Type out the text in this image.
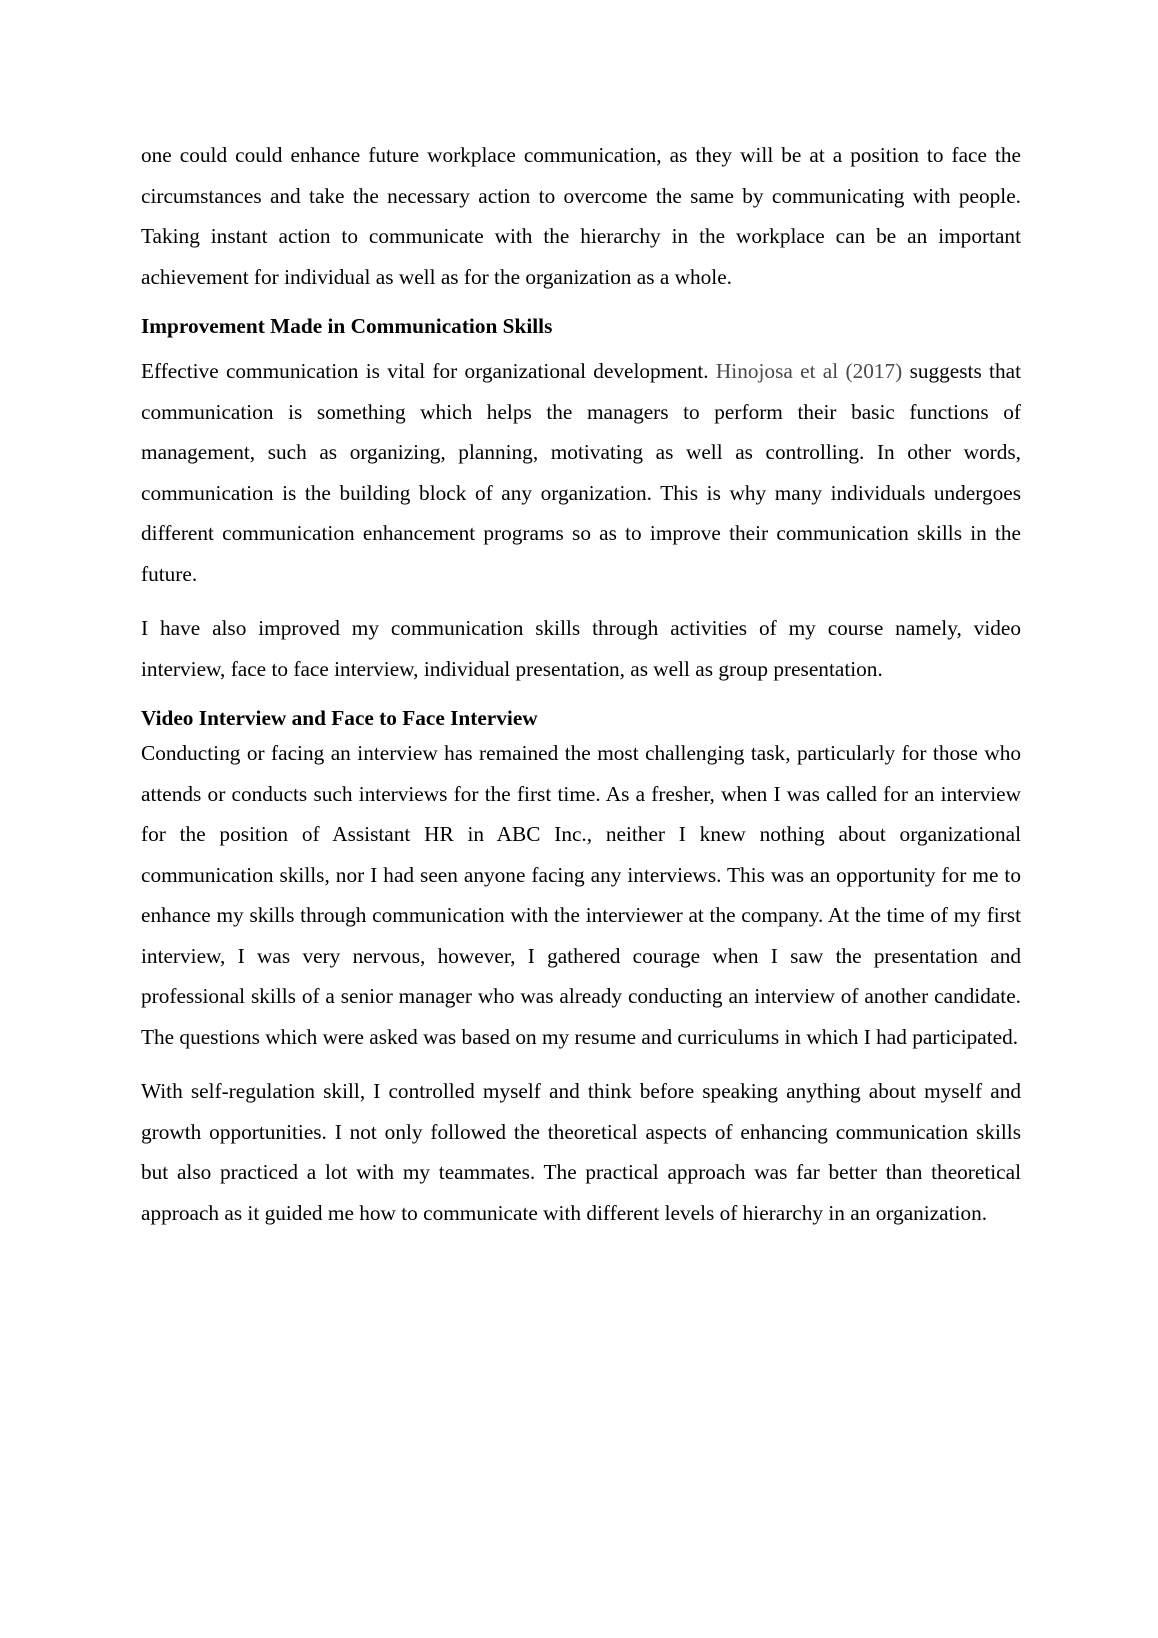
one could could enhance future workplace communication, as they will be at a position to face the circumstances and take the necessary action to overcome the same by communicating with people. Taking instant action to communicate with the hierarchy in the workplace can be an important achievement for individual as well as for the organization as a whole.

Improvement Made in Communication Skills

Effective communication is vital for organizational development. Hinojosa et al (2017) suggests that communication is something which helps the managers to perform their basic functions of management, such as organizing, planning, motivating as well as controlling. In other words, communication is the building block of any organization. This is why many individuals undergoes different communication enhancement programs so as to improve their communication skills in the future.

I have also improved my communication skills through activities of my course namely, video interview, face to face interview, individual presentation, as well as group presentation.

Video Interview and Face to Face Interview

Conducting or facing an interview has remained the most challenging task, particularly for those who attends or conducts such interviews for the first time. As a fresher, when I was called for an interview for the position of Assistant HR in ABC Inc., neither I knew nothing about organizational communication skills, nor I had seen anyone facing any interviews. This was an opportunity for me to enhance my skills through communication with the interviewer at the company. At the time of my first interview, I was very nervous, however, I gathered courage when I saw the presentation and professional skills of a senior manager who was already conducting an interview of another candidate. The questions which were asked was based on my resume and curriculums in which I had participated.

With self-regulation skill, I controlled myself and think before speaking anything about myself and growth opportunities. I not only followed the theoretical aspects of enhancing communication skills but also practiced a lot with my teammates. The practical approach was far better than theoretical approach as it guided me how to communicate with different levels of hierarchy in an organization.
